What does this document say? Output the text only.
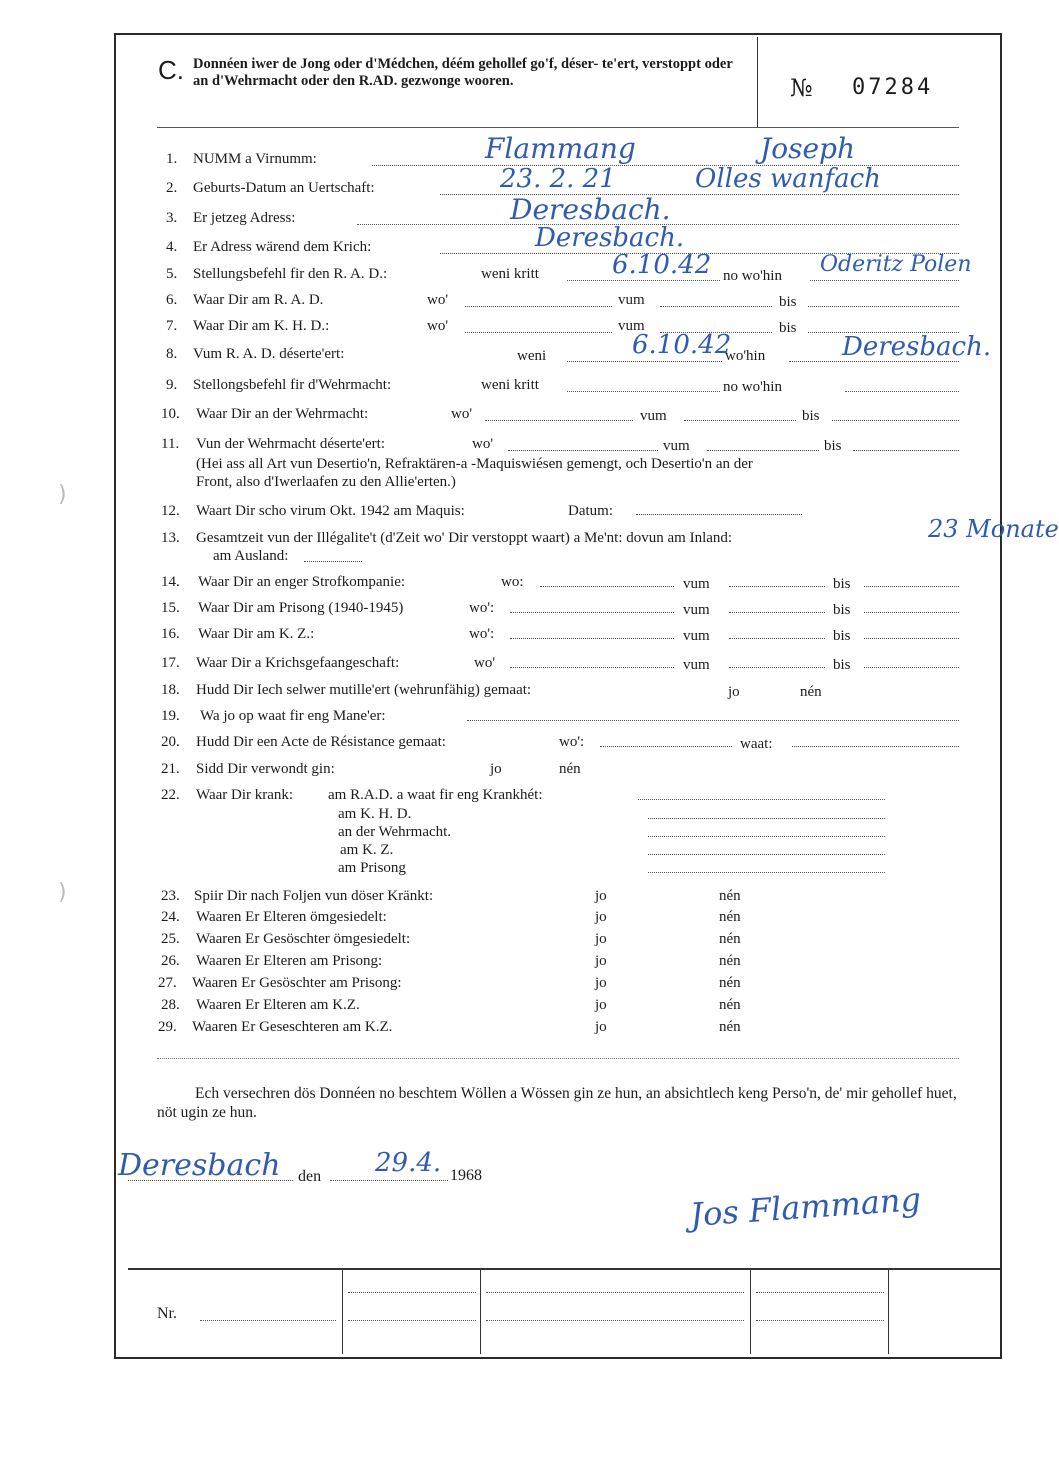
)
)
C. Donnéen iwer de Jong oder d'Médchen, déém gehollef go'f, déser- te'ert, verstoppt oder an d'Wehrmacht oder den R.AD. gezwonge wooren.	№ 07284
1. NUMM a Virnumm:	Flammang	Joseph
2. Geburts-Datum an Uertschaft:	23. 2. 21	Olles wanfach
3. Er jetzeg Adress:	Deresbach.
4. Er Adress wärend dem Krich:	Deresbach.
5. Stellungsbefehl fir den R. A. D.:	weni kritt	no wo'hin
6.10.42	Oderitz Polen
6. Waar Dir am R. A. D.	wo'	vum	bis
7. Waar Dir am K. H. D.:	wo'	vum	bis
8. Vum R. A. D. déserte'ert:	weni	wo'hin
6.10.42	Deresbach.
9. Stellongsbefehl fir d'Wehrmacht:	weni kritt	no wo'hin
10. Waar Dir an der Wehrmacht:	wo'	vum	bis
11. Vun der Wehrmacht déserte'ert:	wo'	vum	bis
(Hei ass all Art vun Desertio'n, Refraktären-a -Maquiswiésen gemengt, och Desertio'n an der
Front, also d'Iwerlaafen zu den Allie'erten.)
12. Waart Dir scho virum Okt. 1942 am Maquis:	Datum:
13. Gesamtzeit vun der Illégalite't (d'Zeit wo' Dir verstoppt waart) a Me'nt: dovun am Inland:
am Ausland:
23 Monate
14. Waar Dir an enger Strofkompanie:	wo:	vum	bis
15. Waar Dir am Prisong (1940-1945)	wo':	vum	bis
16. Waar Dir am K. Z.:	wo':	vum	bis
17. Waar Dir a Krichsgefaangeschaft:	wo'	vum	bis
18. Hudd Dir Iech selwer mutille'ert (wehrunfähig) gemaat:	jo	nén
19. Wa jo op waat fir eng Mane'er:
20. Hudd Dir een Acte de Résistance gemaat:	wo':	waat:
21. Sidd Dir verwondt gin:	jo	nén
22. Waar Dir krank: am R.A.D. a waat fir eng Krankhét:
am K. H. D.
an der Wehrmacht.
am K. Z.
am Prisong
23. Spiir Dir nach Foljen vun döser Kränkt:	jo	nén
24. Waaren Er Elteren ömgesiedelt:	jo	nén
25. Waaren Er Gesöschter ömgesiedelt:	jo	nén
26. Waaren Er Elteren am Prisong:	jo	nén
27. Waaren Er Gesöschter am Prisong:	jo	nén
28. Waaren Er Elteren am K.Z.	jo	nén
29. Waaren Er Geseschteren am K.Z.	jo	nén
Ech versechren dös Donnéen no beschtem Wöllen a Wössen gin ze hun, an absichtlech keng Perso'n, de' mir gehollef huet, nöt ugin ze hun.
Deresbach den 29.4. 1968
Jos Flammang
Nr.
